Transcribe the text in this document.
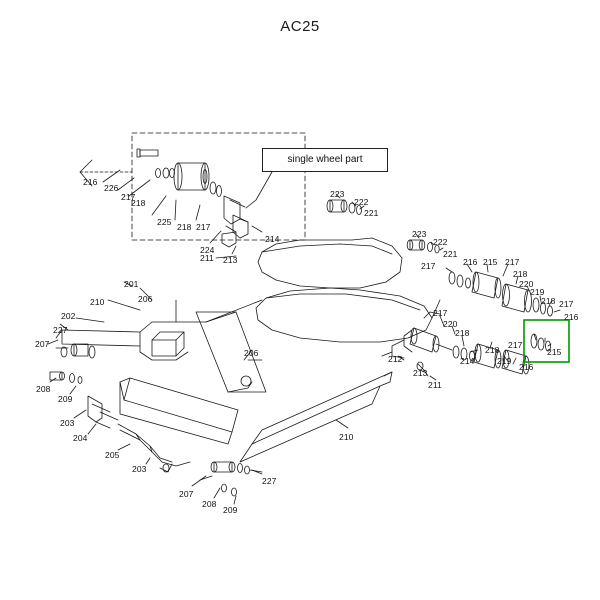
AC25
single wheel part
216
226
217
218
225 218 217
224
213
214
223
222
221
223
222
221
217	216 215 217
220
218
219
218 217
216
215
217
216
218
214	219
217
220
218
212
213
211
211
201
210	206
202
227
207
208
209
203
204
205
203
206
210
207
208
209
227
